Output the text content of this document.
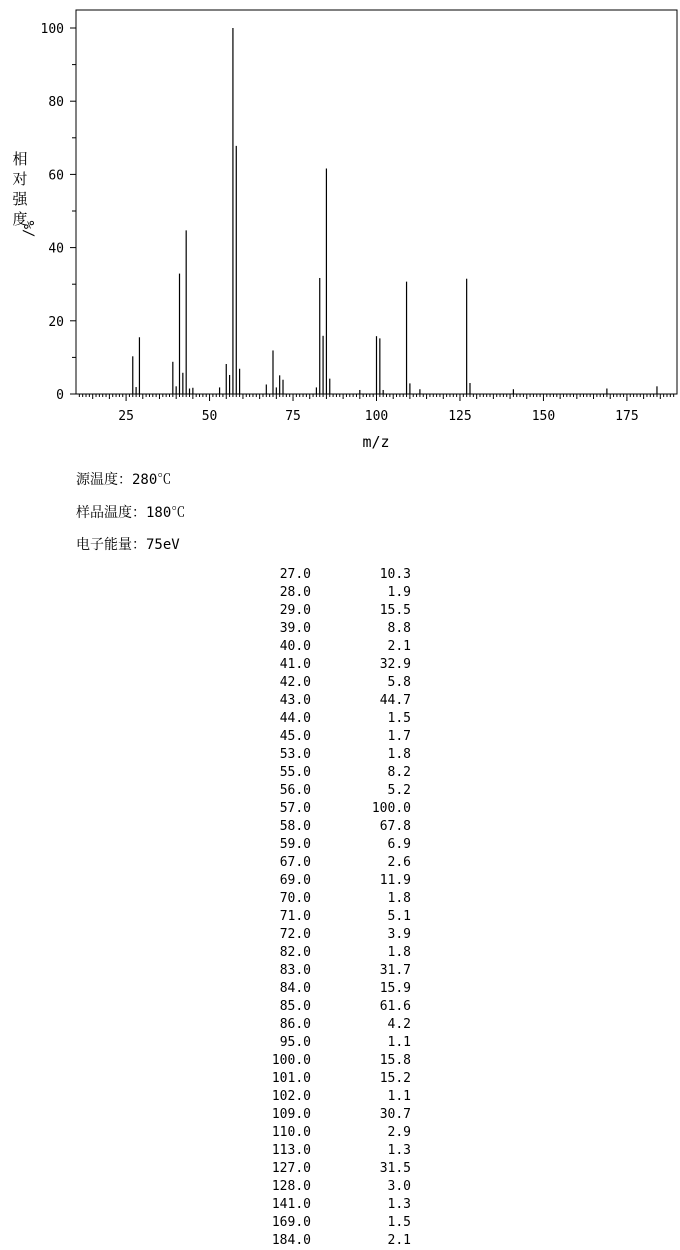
25	50	75	100	125	150	175
0
20
40
60
80
100
m/z
相
对
强
度
%/
源温度：280℃
样品温度：180℃
电子能量：75eV
27.0	10.3
28.0	1.9
29.0	15.5
39.0	8.8
40.0	2.1
41.0	32.9
42.0	5.8
43.0	44.7
44.0	1.5
45.0	1.7
53.0	1.8
55.0	8.2
56.0	5.2
57.0	100.0
58.0	67.8
59.0	6.9
67.0	2.6
69.0	11.9
70.0	1.8
71.0	5.1
72.0	3.9
82.0	1.8
83.0	31.7
84.0	15.9
85.0	61.6
86.0	4.2
95.0	1.1
100.0	15.8
101.0	15.2
102.0	1.1
109.0	30.7
110.0	2.9
113.0	1.3
127.0	31.5
128.0	3.0
141.0	1.3
169.0	1.5
184.0	2.1
